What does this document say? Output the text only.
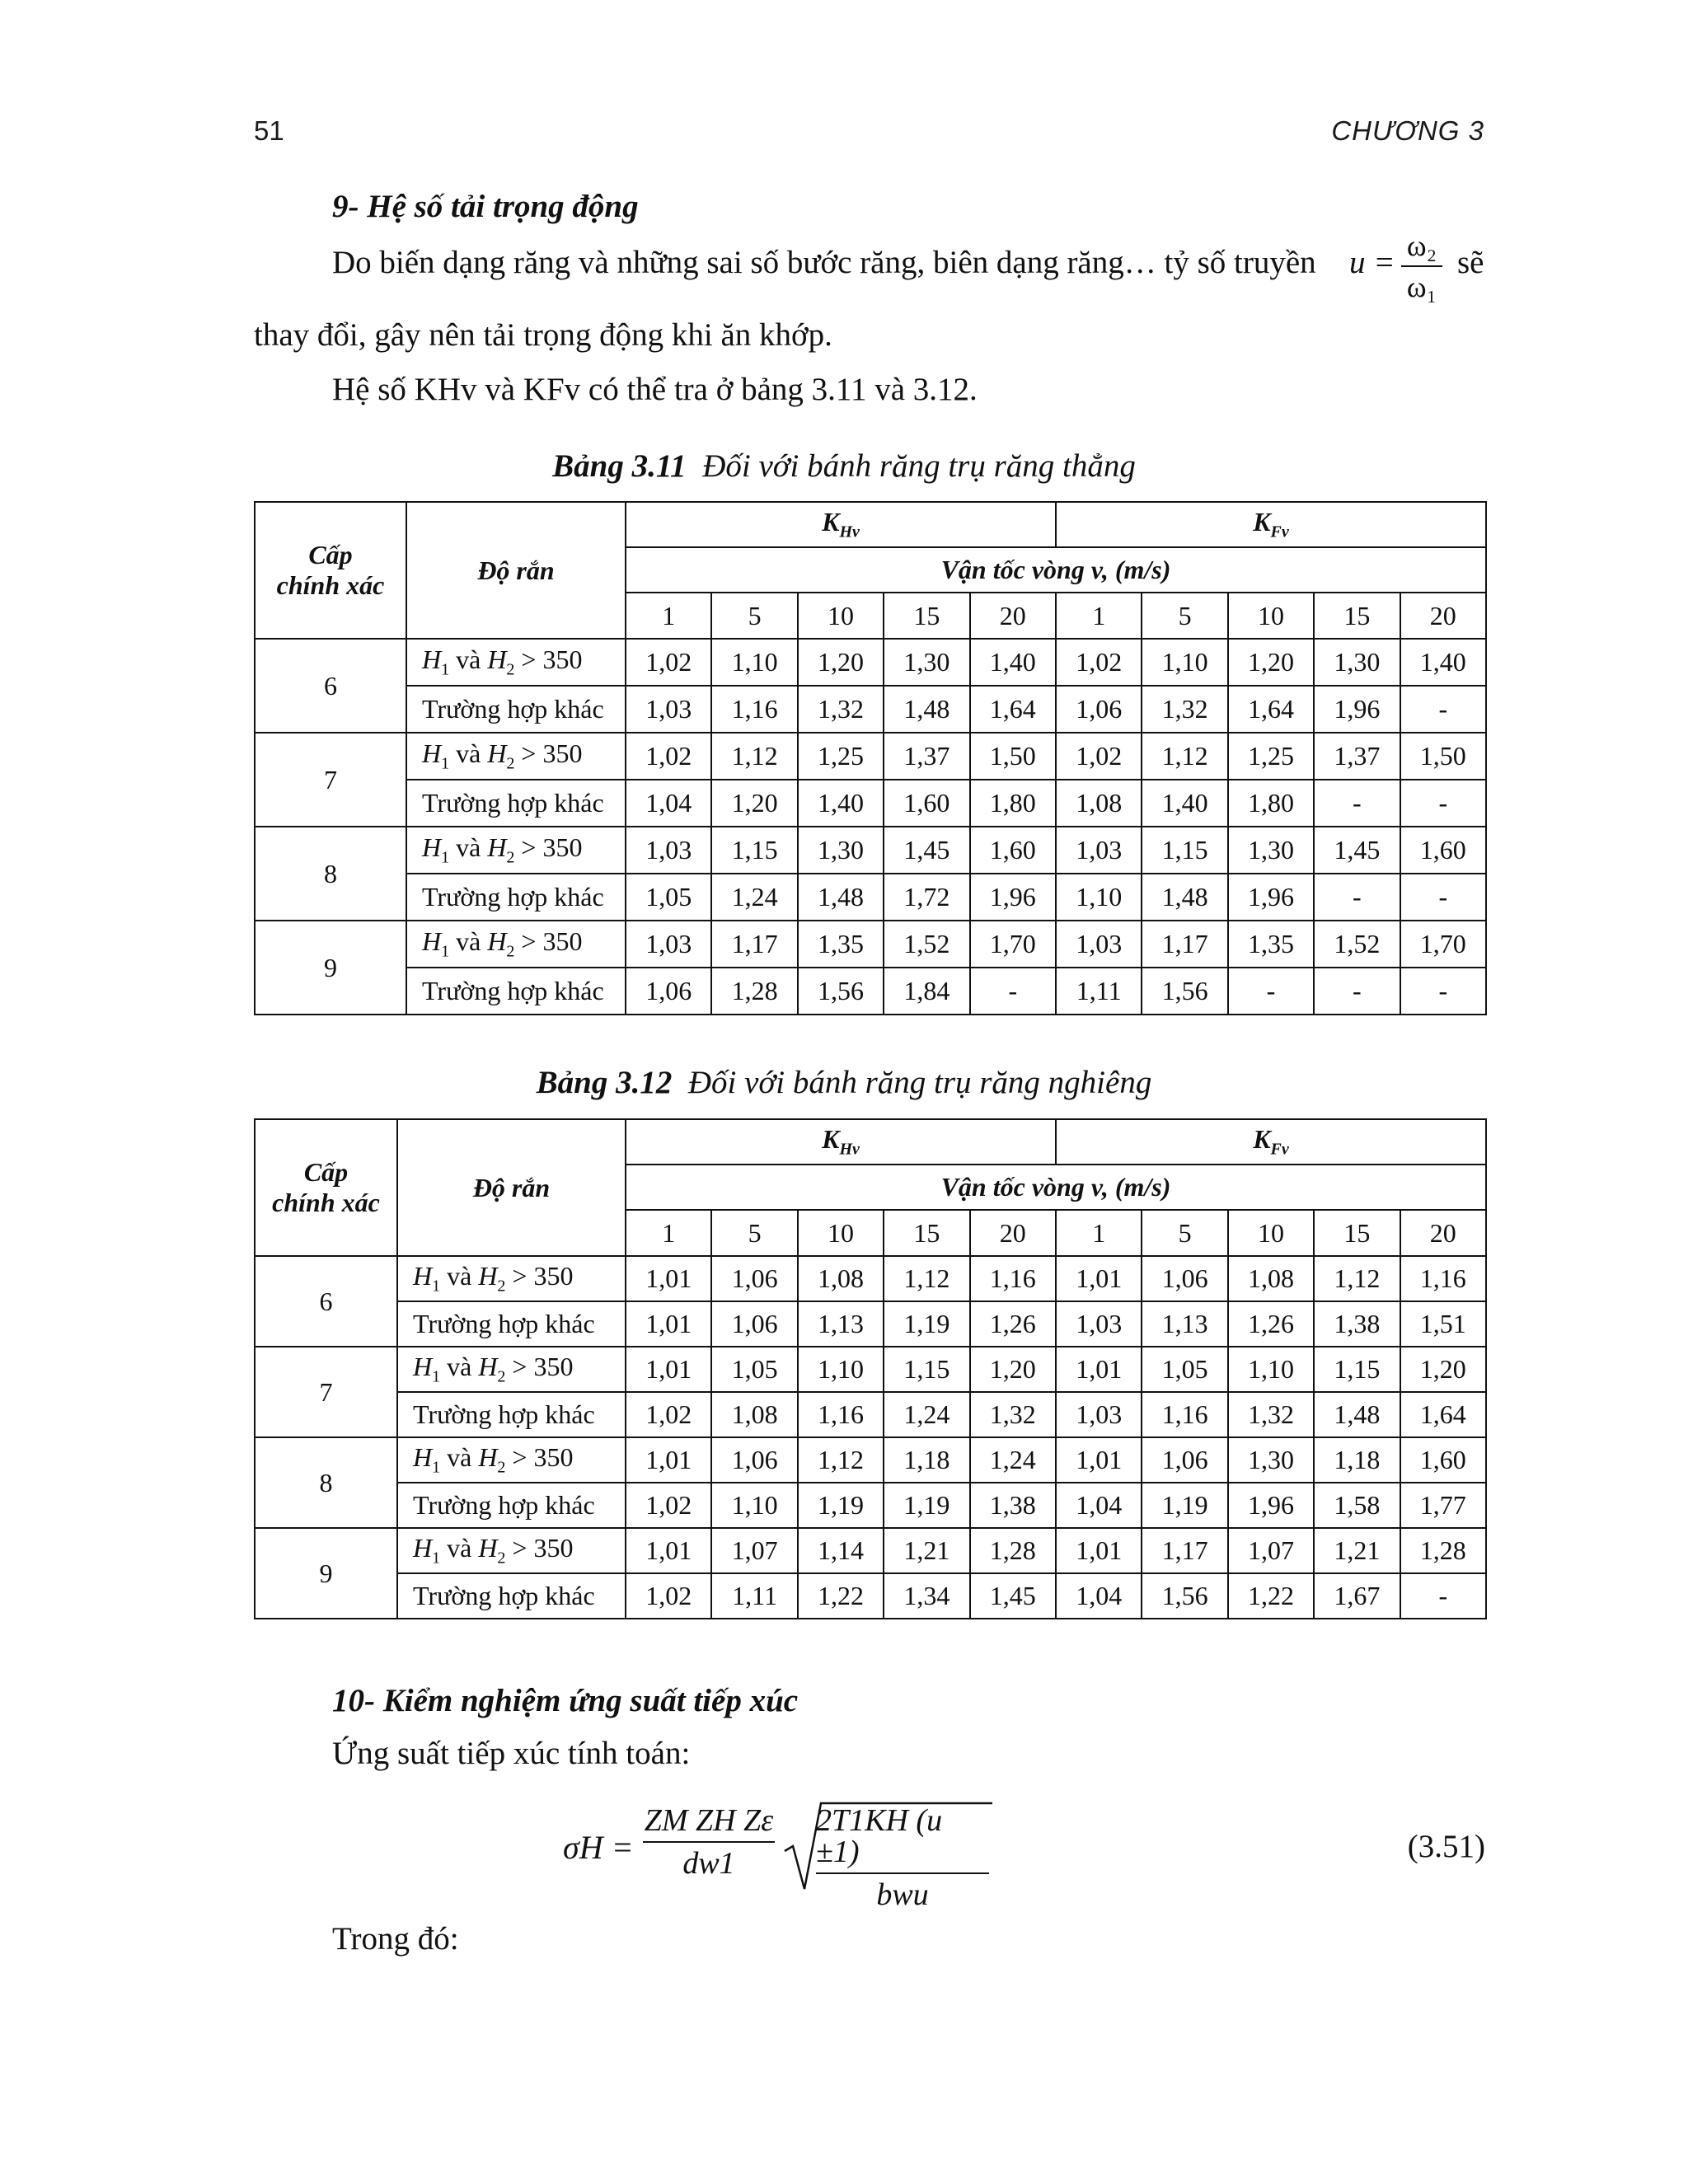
51	CHƯƠNG 3
9- Hệ số tải trọng động
Do biến dạng răng và những sai số bước răng, biên dạng răng… tỷ số truyền u = ω₂
ω₁
sẽ
thay đổi, gây nên tải trọng động khi ăn khớp.
Hệ số KHv và KFv có thể tra ở bảng 3.11 và 3.12.
Bảng 3.11 Đối với bánh răng trụ răng thẳng
Cấp
chính xác	Độ rắn	$K_{Hv}$					$K_{Fv}$
		Vận tốc vòng v, (m/s)									
		1	5	10	15	20	1	5	10	15	20
6	$H_1$ và $H_2 > 350$	1,02	1,10	1,20	1,30	1,40	1,02	1,10	1,20	1,30	1,40
	Trường hợp khác	1,03	1,16	1,32	1,48	1,64	1,06	1,32	1,64	1,96	-
7	$H_1$ và $H_2 > 350$	1,02	1,12	1,25	1,37	1,50	1,02	1,12	1,25	1,37	1,50
	Trường hợp khác	1,04	1,20	1,40	1,60	1,80	1,08	1,40	1,80	-	-
8	$H_1$ và $H_2 > 350$	1,03	1,15	1,30	1,45	1,60	1,03	1,15	1,30	1,45	1,60
	Trường hợp khác	1,05	1,24	1,48	1,72	1,96	1,10	1,48	1,96	-	-
9	$H_1$ và $H_2 > 350$	1,03	1,17	1,35	1,52	1,70	1,03	1,17	1,35	1,52	1,70
	Trường hợp khác	1,06	1,28	1,56	1,84	-	1,11	1,56	-	-	-
Bảng 3.12 Đối với bánh răng trụ răng nghiêng
Cấp
chính xác	Độ rắn	$K_{Hv}$					$K_{Fv}$
		Vận tốc vòng v, (m/s)									
		1	5	10	15	20	1	5	10	15	20
6	$H_1$ và $H_2 > 350$	1,01	1,06	1,08	1,12	1,16	1,01	1,06	1,08	1,12	1,16
	Trường hợp khác	1,01	1,06	1,13	1,19	1,26	1,03	1,13	1,26	1,38	1,51
7	$H_1$ và $H_2 > 350$	1,01	1,05	1,10	1,15	1,20	1,01	1,05	1,10	1,15	1,20
	Trường hợp khác	1,02	1,08	1,16	1,24	1,32	1,03	1,16	1,32	1,48	1,64
8	$H_1$ và $H_2 > 350$	1,01	1,06	1,12	1,18	1,24	1,01	1,06	1,30	1,18	1,60
	Trường hợp khác	1,02	1,10	1,19	1,19	1,38	1,04	1,19	1,96	1,58	1,77
9	$H_1$ và $H_2 > 350$	1,01	1,07	1,14	1,21	1,28	1,01	1,17	1,07	1,21	1,28
	Trường hợp khác	1,02	1,11	1,22	1,34	1,45	1,04	1,56	1,22	1,67	-
10- Kiểm nghiệm ứng suất tiếp xúc
Ứng suất tiếp xúc tính toán:
σH =
ZM ZH Zε
dw1
2T1KH (u ±1)
bwu
(3.51)
Trong đó:
